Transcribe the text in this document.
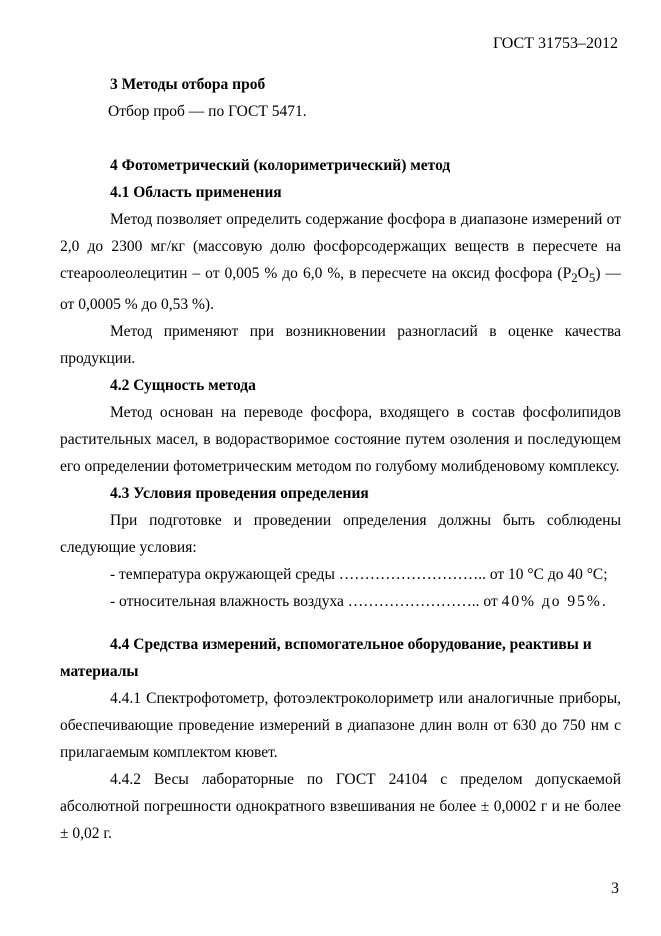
ГОСТ 31753–2012

3 Методы отбора проб

Отбор проб — по ГОСТ 5471.

4 Фотометрический (колориметрический) метод

4.1 Область применения

Метод позволяет определить содержание фосфора в диапазоне измерений от 2,0 до 2300 мг/кг (массовую долю фосфорсодержащих веществ в пересчете на стеароолеолецитин – от 0,005 % до 6,0 %, в пересчете на оксид фосфора $(P_2O_5)$ — от 0,0005 % до 0,53 %).

Метод применяют при возникновении разногласий в оценке качества продукции.

4.2 Сущность метода

Метод основан на переводе фосфора, входящего в состав фосфолипидов растительных масел, в водорастворимое состояние путем озоления и последующем его определении фотометрическим методом по голубому молибденовому комплексу.

4.3 Условия проведения определения

При подготовке и проведении определения должны быть соблюдены следующие условия:

- температура окружающей среды ……………………….. от 10 °С до 40 °С;

- относительная влажность воздуха …………………….. от 40% до 95%.

4.4 Средства измерений, вспомогательное оборудование, реактивы и материалы

4.4.1 Спектрофотометр, фотоэлектроколориметр или аналогичные приборы, обеспечивающие проведение измерений в диапазоне длин волн от 630 до 750 нм с прилагаемым комплектом кювет.

4.4.2 Весы лабораторные по ГОСТ 24104 с пределом допускаемой абсолютной погрешности однократного взвешивания не более ± 0,0002 г и не более ± 0,02 г.

3
